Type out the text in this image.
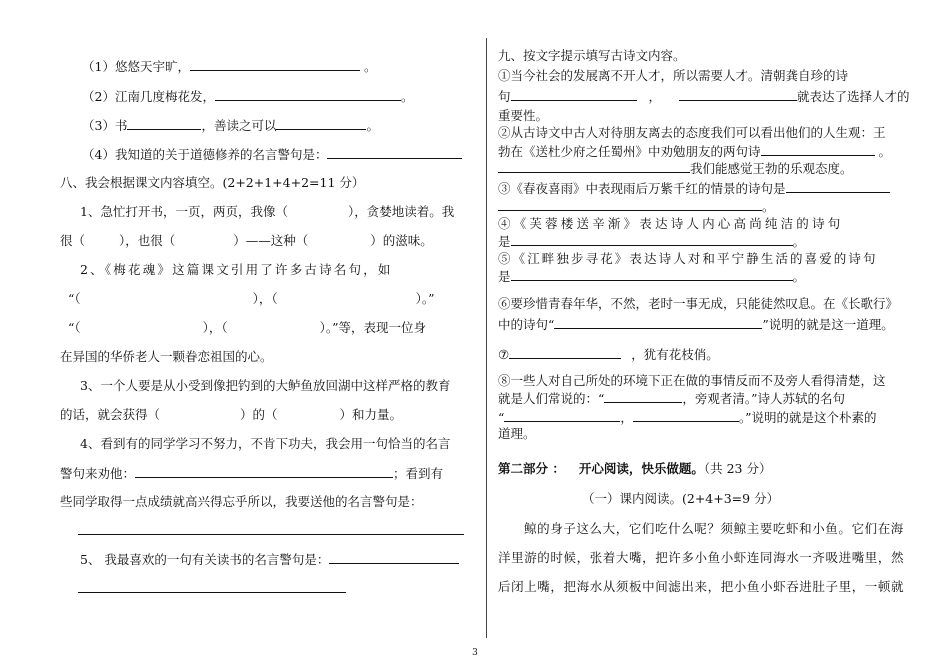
（1）悠悠天宇旷，	。
（2）江南几度梅花发，	。
（3）书	，善读之可以	。
（4）我知道的关于道德修养的名言警句是：
八、我会根据课文内容填空。(2+2+1+4+2=11 分）
1、急忙打开书，一页，两页，我像（	），贪婪地读着。我
很（	），也很（	）——这种（	）的滋味。
2、《梅花魂》这篇课文引用了许多古诗名句，如
“（	），（	）。”
“（	），（	）。”等，表现一位身
在异国的华侨老人一颗眷恋祖国的心。
3、一个人要是从小受到像把钓到的大鲈鱼放回湖中这样严格的教育
的话，就会获得（	）的（	）和力量。
4、看到有的同学学习不努力，不肯下功夫，我会用一句恰当的名言
警句来劝他：	；看到有
些同学取得一点成绩就高兴得忘乎所以，我要送他的名言警句是：
5、 我最喜欢的一句有关读书的名言警句是：
九、按文字提示填写古诗文内容。
①当今社会的发展离不开人才，所以需要人才。清朝龚自珍的诗
句	，	就表达了选择人才的
重要性。
②从古诗文中古人对待朋友离去的态度我们可以看出他们的人生观：王
勃在《送杜少府之任蜀州》中劝勉朋友的两句诗	。
我们能感觉王勃的乐观态度。
③《春夜喜雨》中表现雨后万紫千红的情景的诗句是
。
④《芙蓉楼送辛渐》表达诗人内心高尚纯洁的诗句
是	。
⑤《江畔独步寻花》表达诗人对和平宁静生活的喜爱的诗句
是	。
⑥要珍惜青春年华，不然，老时一事无成，只能徒然叹息。在《长歌行》
中的诗句“	”说明的就是这一道理。
⑦	，犹有花枝俏。
⑧一些人对自己所处的环境下正在做的事情反而不及旁人看得清楚，这
就是人们常说的：“	，旁观者清。”诗人苏轼的名句
“	，	。”说明的就是这个朴素的
道理。
第二部分 ： 开心阅读，快乐做题。（共 23 分）
（一）课内阅读。(2+4+3=9 分）
鲸的身子这么大，它们吃什么呢？须鲸主要吃虾和小鱼。它们在海
洋里游的时候，张着大嘴，把许多小鱼小虾连同海水一齐吸进嘴里，然
后闭上嘴，把海水从须板中间滤出来，把小鱼小虾吞进肚子里，一顿就
3
